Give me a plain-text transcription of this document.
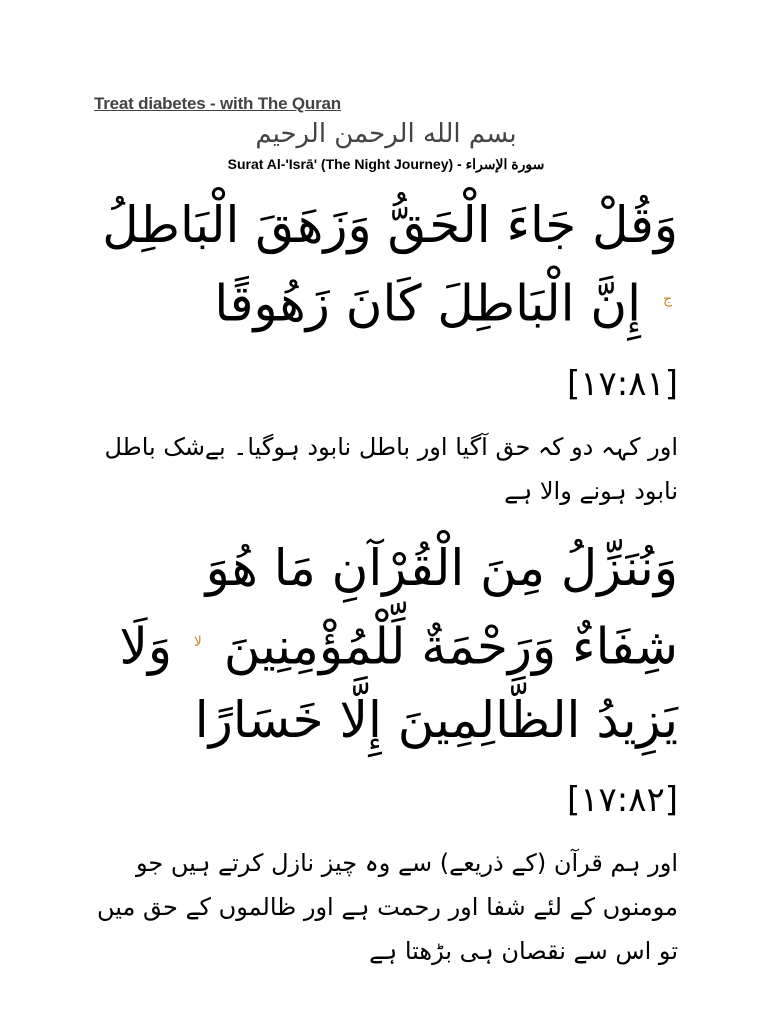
Treat diabetes - with The Quran

بسم الله الرحمن الرحيم
Surat Al-'Isrā' (The Night Journey) - سورة الإسراء
وَقُلْ جَاءَ الْحَقُّ وَزَهَقَ الْبَاطِلُ $^ج$ إِنَّ الْبَاطِلَ كَانَ زَهُوقًا [١٧:٨١]
اور کہہ دو کہ حق آگیا اور باطل نابود ہوگیا۔ بےشک باطل نابود ہونے والا ہے
وَنُنَزِّلُ مِنَ الْقُرْآنِ مَا هُوَ شِفَاءٌ وَرَحْمَةٌ لِّلْمُؤْمِنِينَ $^{لا}$ وَلَا يَزِيدُ الظَّالِمِينَ إِلَّا خَسَارًا [١٧:٨٢]
اور ہم قرآن (کے ذریعے) سے وہ چیز نازل کرتے ہیں جو مومنوں کے لئے شفا اور رحمت ہے اور ظالموں کے حق میں تو اس سے نقصان ہی بڑھتا ہے
